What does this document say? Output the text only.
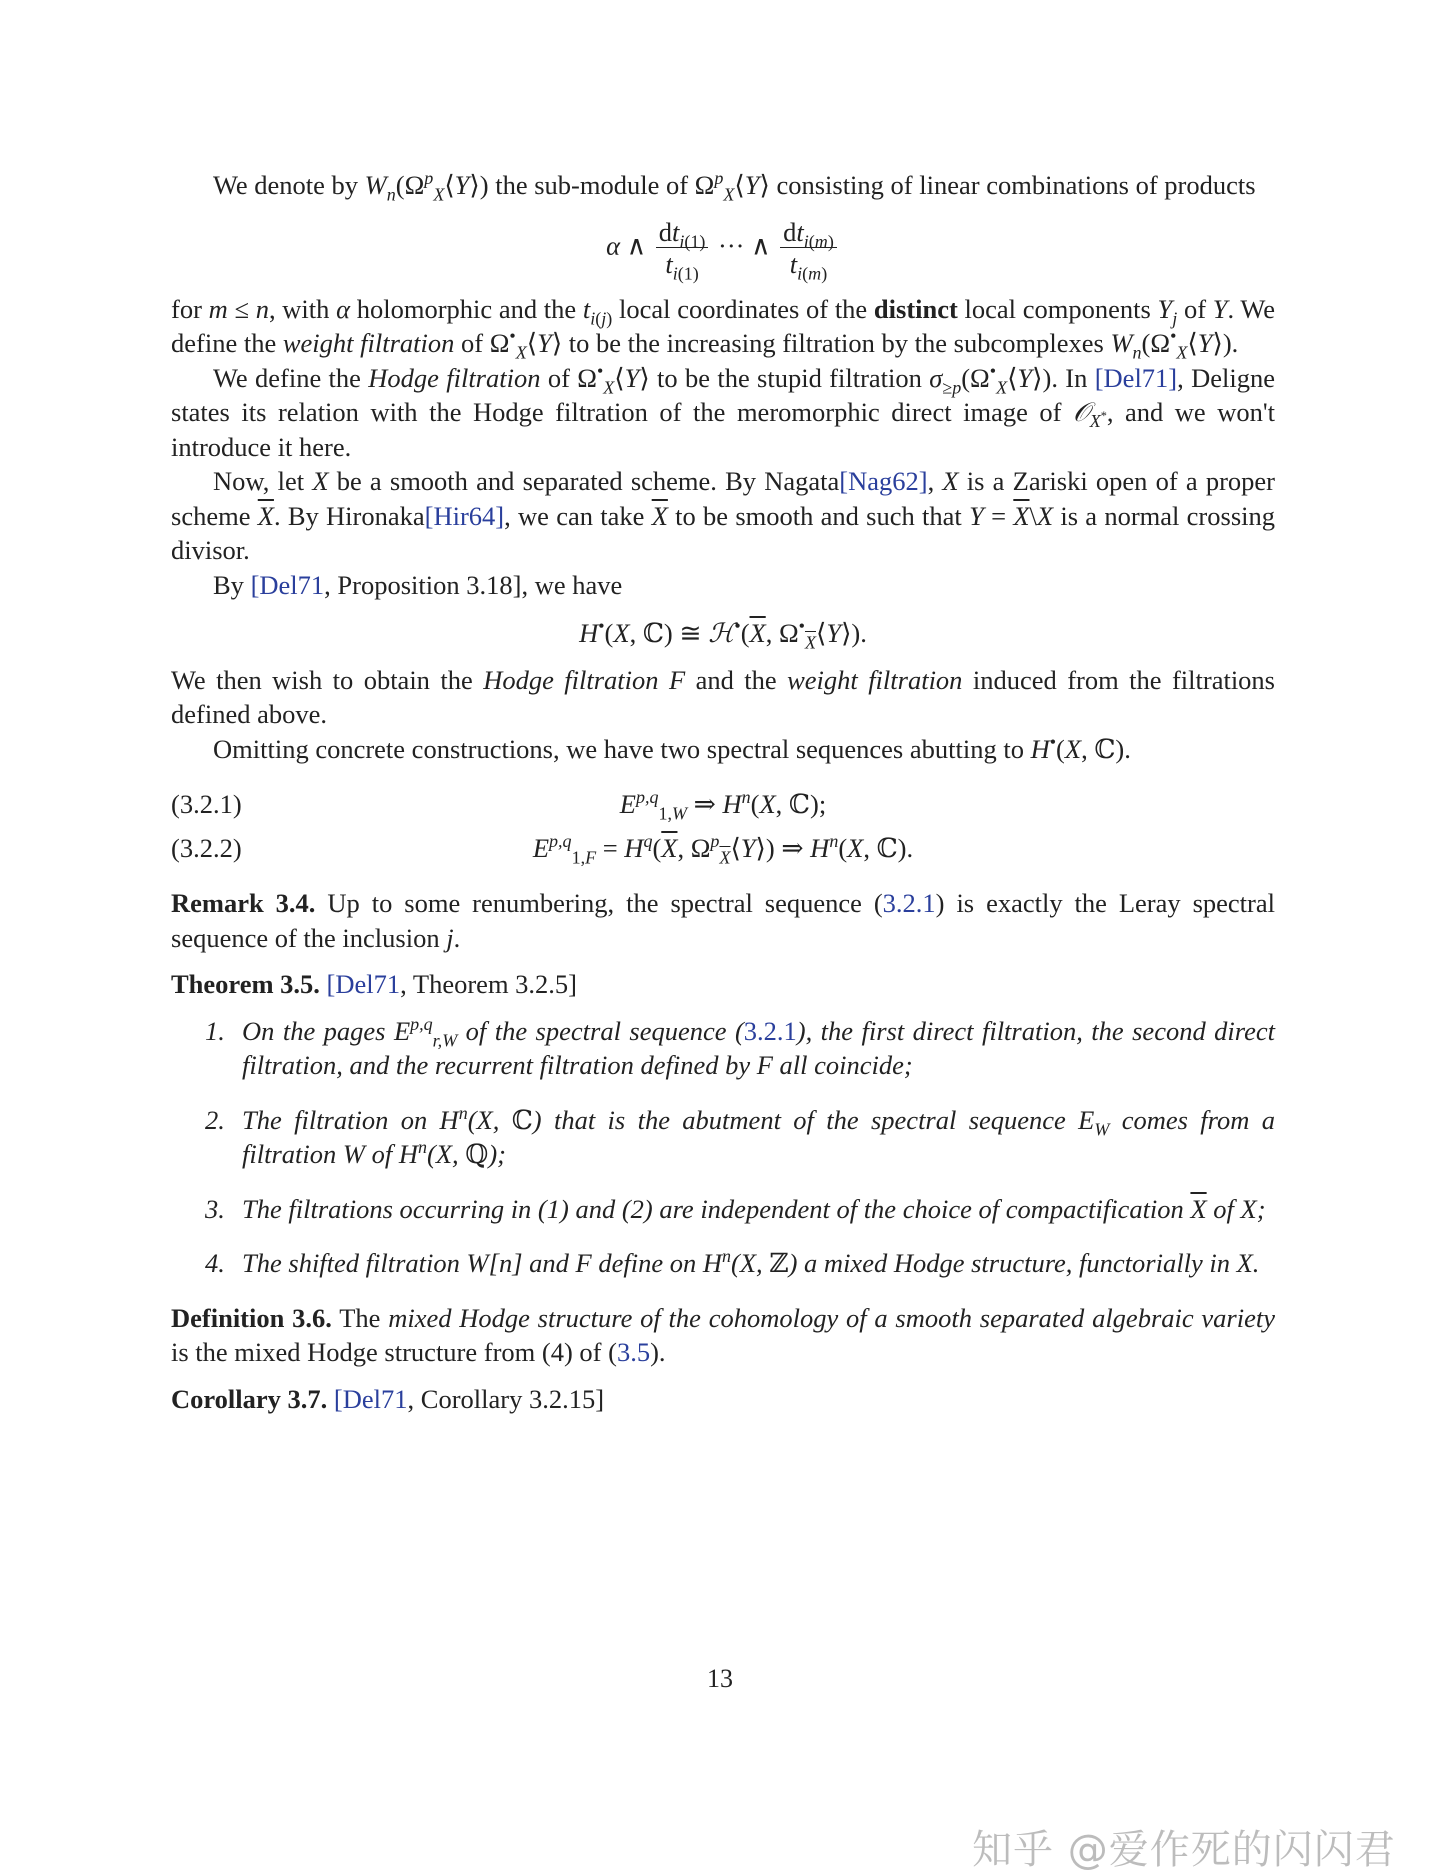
We denote by $W_n(\Omega^p_X⟨Y⟩)$ the sub-module of $\Omega^p_X⟨Y⟩$ consisting of linear combinations of products

α ∧ $\frac{dt_{i(1)}}{t_{i(1)}}$ ··· ∧ $\frac{dt_{i(m)}}{t_{i(m)}}$

for m ≤ n, with α holomorphic and the $t_{i(j)}$ local coordinates of the distinct local components $Y_j$ of Y. We define the weight filtration of $\Omega^•_X⟨Y⟩$ to be the increasing filtration by the subcomplexes $W_n(\Omega^•_X⟨Y⟩)$.

We define the Hodge filtration of $\Omega^•_X⟨Y⟩$ to be the stupid filtration $\sigma_{\ge p}(\Omega^•_X⟨Y⟩)$. In [Del71], Deligne states its relation with the Hodge filtration of the meromorphic direct image of 𝒪$_{X^*}$, and we won't introduce it here.

Now, let X be a smooth and separated scheme. By Nagata[Nag62], X is a Zariski open of a proper scheme $\overline{X}$. By Hironaka[Hir64], we can take $\overline{X}$ to be smooth and such that $Y = \overline{X}\backslash X$ is a normal crossing divisor.

By [Del71, Proposition 3.18], we have

H•(X, ℂ) ≅ $ℋ^•(\overline{X}$, $\Omega^•_{\overline{X}}⟨Y⟩$).

We then wish to obtain the Hodge filtration F and the weight filtration induced from the filtrations defined above.

Omitting concrete constructions, we have two spectral sequences abutting to H•(X, ℂ).

(3.2.1)	E$^{p,q}_{1,W}$ ⇒ $H^n(X$, ℂ);
(3.2.2)	$E^{p,q}_{1,F} = H^q(\overline{X}$, $\Omega^p_{\overline{X}}⟨Y⟩$) ⇒ $H^n(X$, ℂ).

Remark 3.4. Up to some renumbering, the spectral sequence (3.2.1) is exactly the Leray spectral sequence of the inclusion j.

Theorem 3.5. [Del71, Theorem 3.2.5]

1. On the pages E$^{p,q}_{r,W}$ of the spectral sequence (3.2.1), the first direct filtration, the second direct filtration, and the recurrent filtration defined by F all coincide;
2. The filtration on $H^n(X$, ℂ) that is the abutment of the spectral sequence $E_W$ comes from a filtration W of $H^n(X$, ℚ);
3. The filtrations occurring in (1) and (2) are independent of the choice of compactification $\overline{X}$ of X;
4. The shifted filtration W[n] and F define on $H^n(X$, ℤ) a mixed Hodge structure, functorially in X.

Definition 3.6. The mixed Hodge structure of the cohomology of a smooth separated algebraic variety is the mixed Hodge structure from (4) of (3.5).

Corollary 3.7. [Del71, Corollary 3.2.15]

13
知乎 @爱作死的闪闪君
